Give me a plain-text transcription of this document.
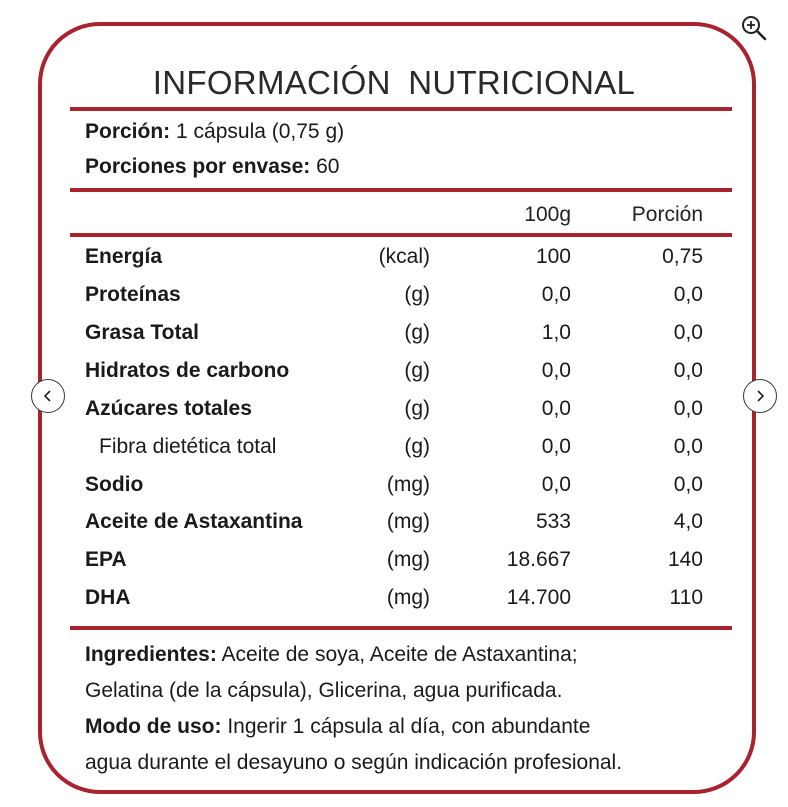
INFORMACIÓN NUTRICIONAL
Porción: 1 cápsula (0,75 g)
Porciones por envase: 60
100g	Porción
Energía	(kcal)	100	0,75
Proteínas	(g)	0,0	0,0
Grasa Total	(g)	1,0	0,0
Hidratos de carbono	(g)	0,0	0,0
Azúcares totales	(g)	0,0	0,0
Fibra dietética total	(g)	0,0	0,0
Sodio	(mg)	0,0	0,0
Aceite de Astaxantina	(mg)	533	4,0
EPA	(mg)	18.667	140
DHA	(mg)	14.700	110
Ingredientes: Aceite de soya, Aceite de Astaxantina;
Gelatina (de la cápsula), Glicerina, agua purificada.
Modo de uso: Ingerir 1 cápsula al día, con abundante
agua durante el desayuno o según indicación profesional.
